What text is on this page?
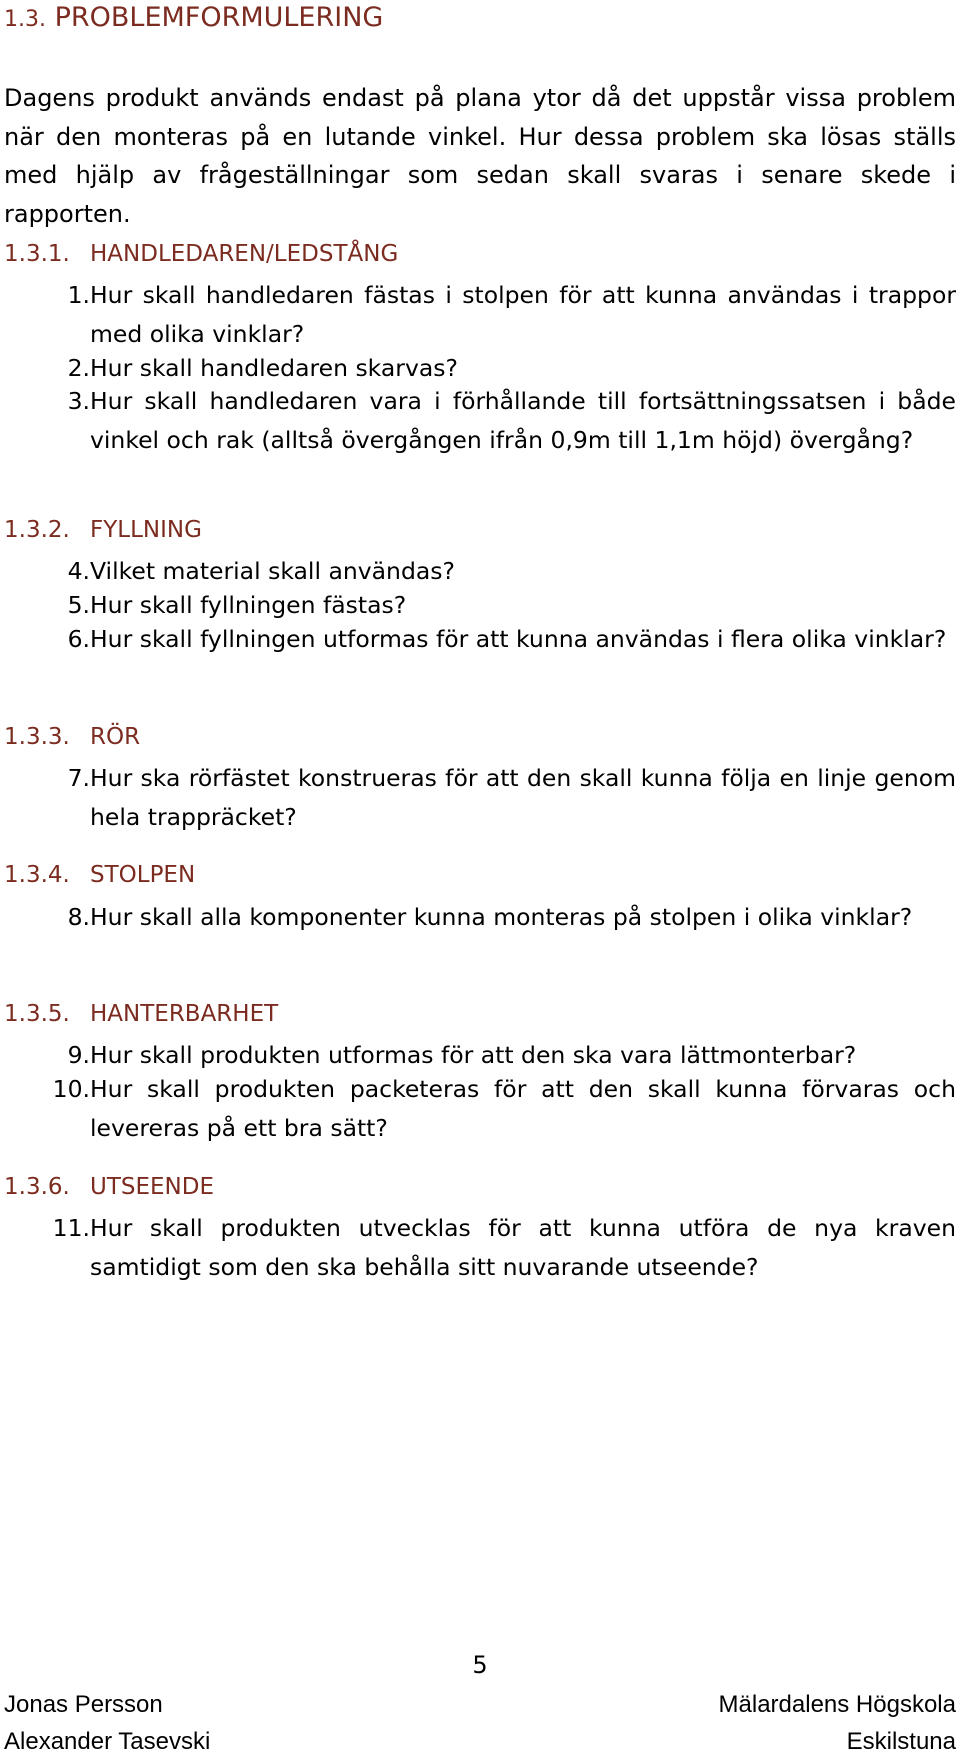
1.3. PROBLEMFORMULERING

Dagens produkt används endast på plana ytor då det uppstår vissa problem när den monteras på en lutande vinkel. Hur dessa problem ska lösas ställs med hjälp av frågeställningar som sedan skall svaras i senare skede i rapporten.

1.3.1. HANDLEDAREN/LEDSTÅNG
1. Hur skall handledaren fästas i stolpen för att kunna användas i trappor med olika vinklar?
2. Hur skall handledaren skarvas?
3. Hur skall handledaren vara i förhållande till fortsättningssatsen i både vinkel och rak (alltså övergången ifrån 0,9m till 1,1m höjd) övergång?
1.3.2. FYLLNING
4. Vilket material skall användas?
5. Hur skall fyllningen fästas?
6. Hur skall fyllningen utformas för att kunna användas i flera olika vinklar?
1.3.3. RÖR
7. Hur ska rörfästet konstrueras för att den skall kunna följa en linje genom hela trappräcket?
1.3.4. STOLPEN
8. Hur skall alla komponenter kunna monteras på stolpen i olika vinklar?
1.3.5. HANTERBARHET
9. Hur skall produkten utformas för att den ska vara lättmonterbar?
10. Hur skall produkten packeteras för att den skall kunna förvaras och levereras på ett bra sätt?
1.3.6. UTSEENDE
11. Hur skall produkten utvecklas för att kunna utföra de nya kraven samtidigt som den ska behålla sitt nuvarande utseende?
5
Jonas Persson
Alexander Tasevski
Mälardalens Högskola
Eskilstuna
